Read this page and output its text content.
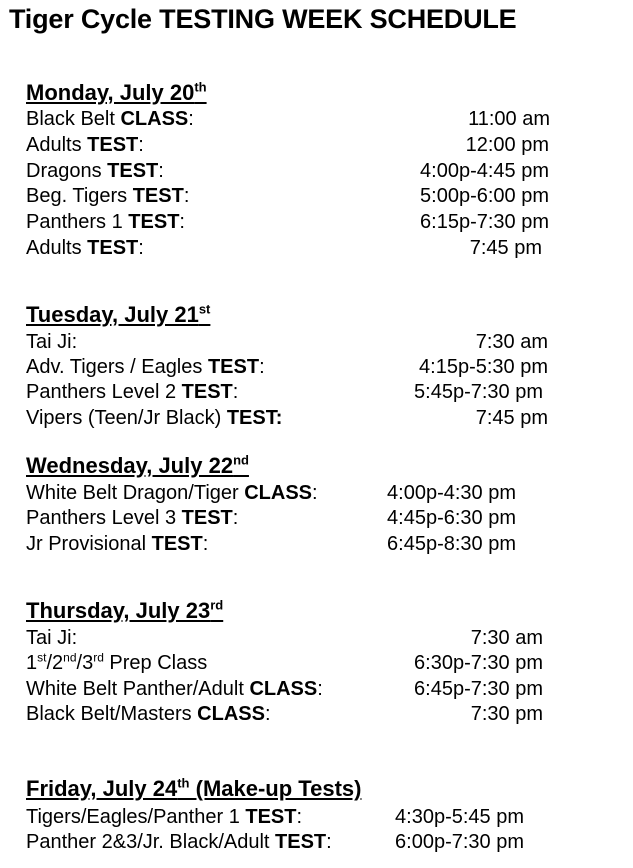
Tiger Cycle TESTING WEEK SCHEDULE
Monday, July 20th
Black Belt CLASS:	11:00 am
Adults TEST:	12:00 pm
Dragons TEST:	4:00p-4:45 pm
Beg. Tigers TEST:	5:00p-6:00 pm
Panthers 1 TEST:	6:15p-7:30 pm
Adults TEST:	7:45 pm
Tuesday, July 21st
Tai Ji:	7:30 am
Adv. Tigers / Eagles TEST:	4:15p-5:30 pm
Panthers Level 2 TEST:	5:45p-7:30 pm
Vipers (Teen/Jr Black) TEST:	7:45 pm
Wednesday, July 22nd
White Belt Dragon/Tiger CLASS:	4:00p-4:30 pm
Panthers Level 3 TEST:	4:45p-6:30 pm
Jr Provisional TEST:	6:45p-8:30 pm
Thursday, July 23rd
Tai Ji:	7:30 am
1st/2nd/3rd Prep Class	6:30p-7:30 pm
White Belt Panther/Adult CLASS:	6:45p-7:30 pm
Black Belt/Masters CLASS:	7:30 pm
Friday, July 24th (Make-up Tests)
Tigers/Eagles/Panther 1 TEST:	4:30p-5:45 pm
Panther 2&3/Jr. Black/Adult TEST:	6:00p-7:30 pm
